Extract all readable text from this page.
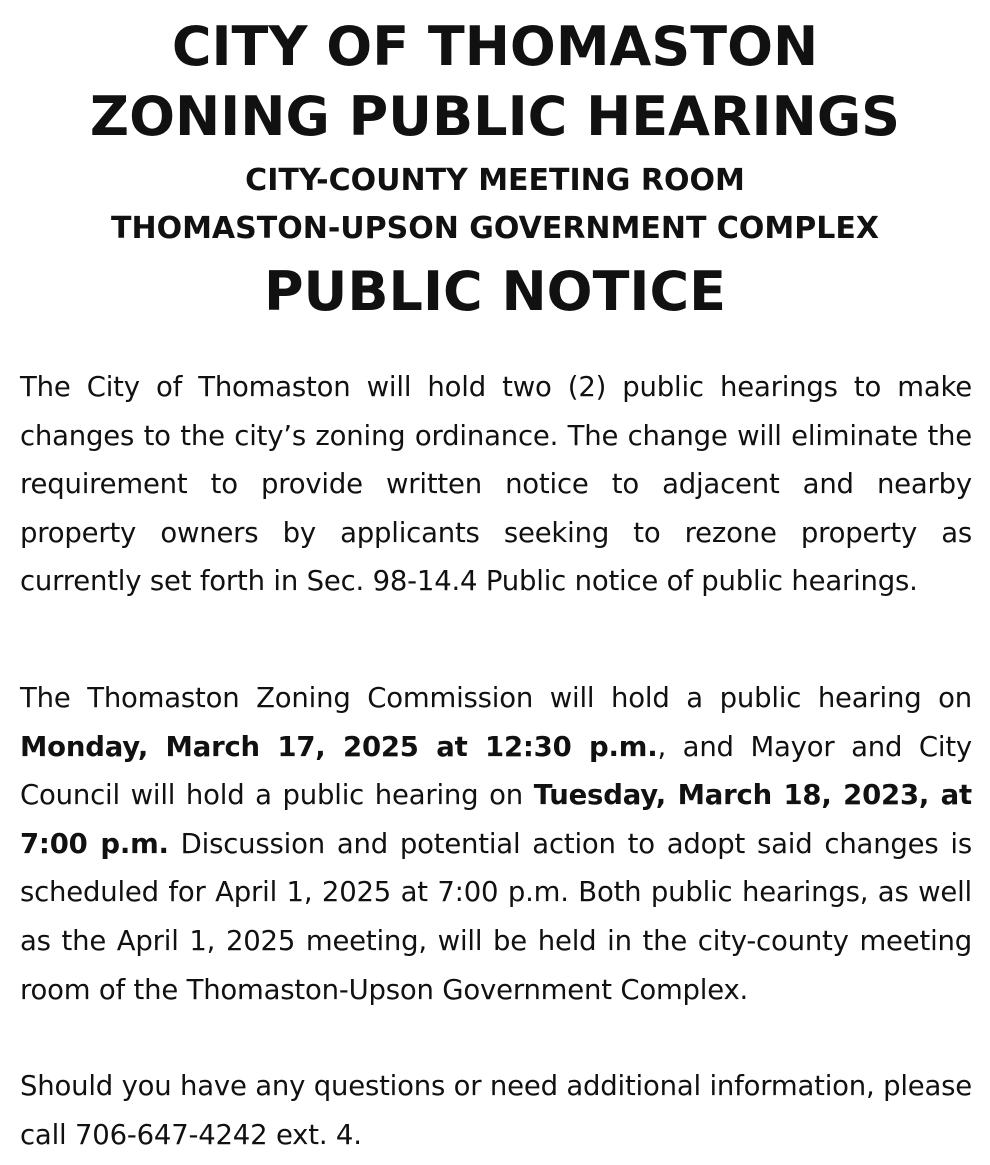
CITY OF THOMASTON
ZONING PUBLIC HEARINGS
CITY-COUNTY MEETING ROOM
THOMASTON-UPSON GOVERNMENT COMPLEX
PUBLIC NOTICE

The City of Thomaston will hold two (2) public hearings to make changes to the city’s zoning ordinance. The change will eliminate the requirement to provide written notice to adjacent and nearby property owners by applicants seeking to rezone property as currently set forth in Sec. 98-14.4 Public notice of public hearings.

The Thomaston Zoning Commission will hold a public hearing on Monday, March 17, 2025 at 12:30 p.m., and Mayor and City Council will hold a public hearing on Tuesday, March 18, 2023, at 7:00 p.m. Discussion and potential action to adopt said changes is scheduled for April 1, 2025 at 7:00 p.m. Both public hearings, as well as the April 1, 2025 meeting, will be held in the city-county meeting room of the Thomaston-Upson Government Complex.

Should you have any questions or need additional information, please call 706-647-4242 ext. 4.
